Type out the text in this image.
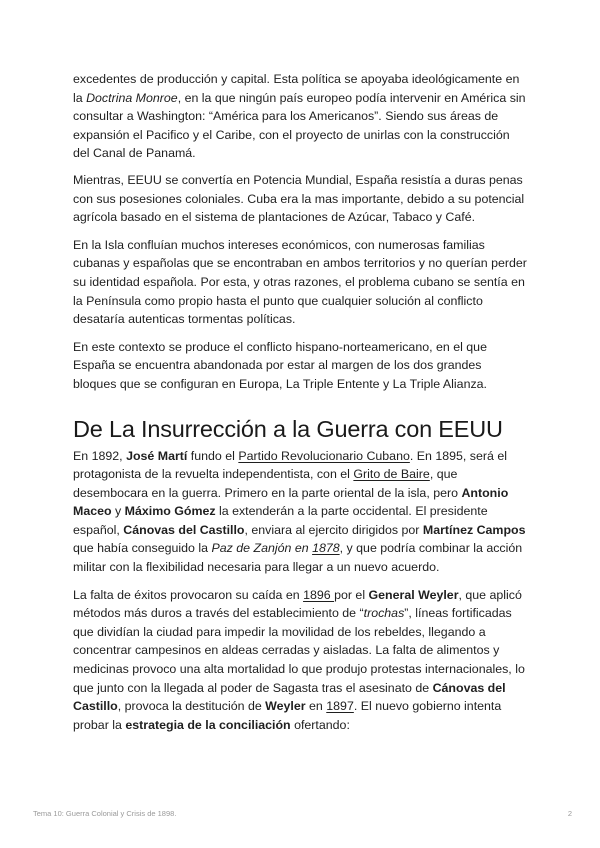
excedentes de producción y capital. Esta política se apoyaba ideológicamente en la Doctrina Monroe, en la que ningún país europeo podía intervenir en América sin consultar a Washington: “América para los Americanos”. Siendo sus áreas de expansión el Pacifico y el Caribe, con el proyecto de unirlas con la construcción del Canal de Panamá.

Mientras, EEUU se convertía en Potencia Mundial, España resistía a duras penas con sus posesiones coloniales. Cuba era la mas importante, debido a su potencial agrícola basado en el sistema de plantaciones de Azúcar, Tabaco y Café.

En la Isla confluían muchos intereses económicos, con numerosas familias cubanas y españolas que se encontraban en ambos territorios y no querían perder su identidad española. Por esta, y otras razones, el problema cubano se sentía en la Península como propio hasta el punto que cualquier solución al conflicto desataría autenticas tormentas políticas.

En este contexto se produce el conflicto hispano-norteamericano, en el que España se encuentra abandonada por estar al margen de los dos grandes bloques que se configuran en Europa, La Triple Entente y La Triple Alianza.

De La Insurrección a la Guerra con EEUU

En 1892, José Martí fundo el Partido Revolucionario Cubano. En 1895, será el protagonista de la revuelta independentista, con el Grito de Baire, que desembocara en la guerra. Primero en la parte oriental de la isla, pero Antonio Maceo y Máximo Gómez la extenderán a la parte occidental. El presidente español, Cánovas del Castillo, enviara al ejercito dirigidos por Martínez Campos que había conseguido la Paz de Zanjón en 1878, y que podría combinar la acción militar con la flexibilidad necesaria para llegar a un nuevo acuerdo.

La falta de éxitos provocaron su caída en 1896 por el General Weyler, que aplicó métodos más duros a través del establecimiento de “trochas”, líneas fortificadas que dividían la ciudad para impedir la movilidad de los rebeldes, llegando a concentrar campesinos en aldeas cerradas y aisladas. La falta de alimentos y medicinas provoco una alta mortalidad lo que produjo protestas internacionales, lo que junto con la llegada al poder de Sagasta tras el asesinato de Cánovas del Castillo, provoca la destitución de Weyler en 1897. El nuevo gobierno intenta probar la estrategia de la conciliación ofertando:

Tema 10: Guerra Colonial y Crisis de 1898.	2
